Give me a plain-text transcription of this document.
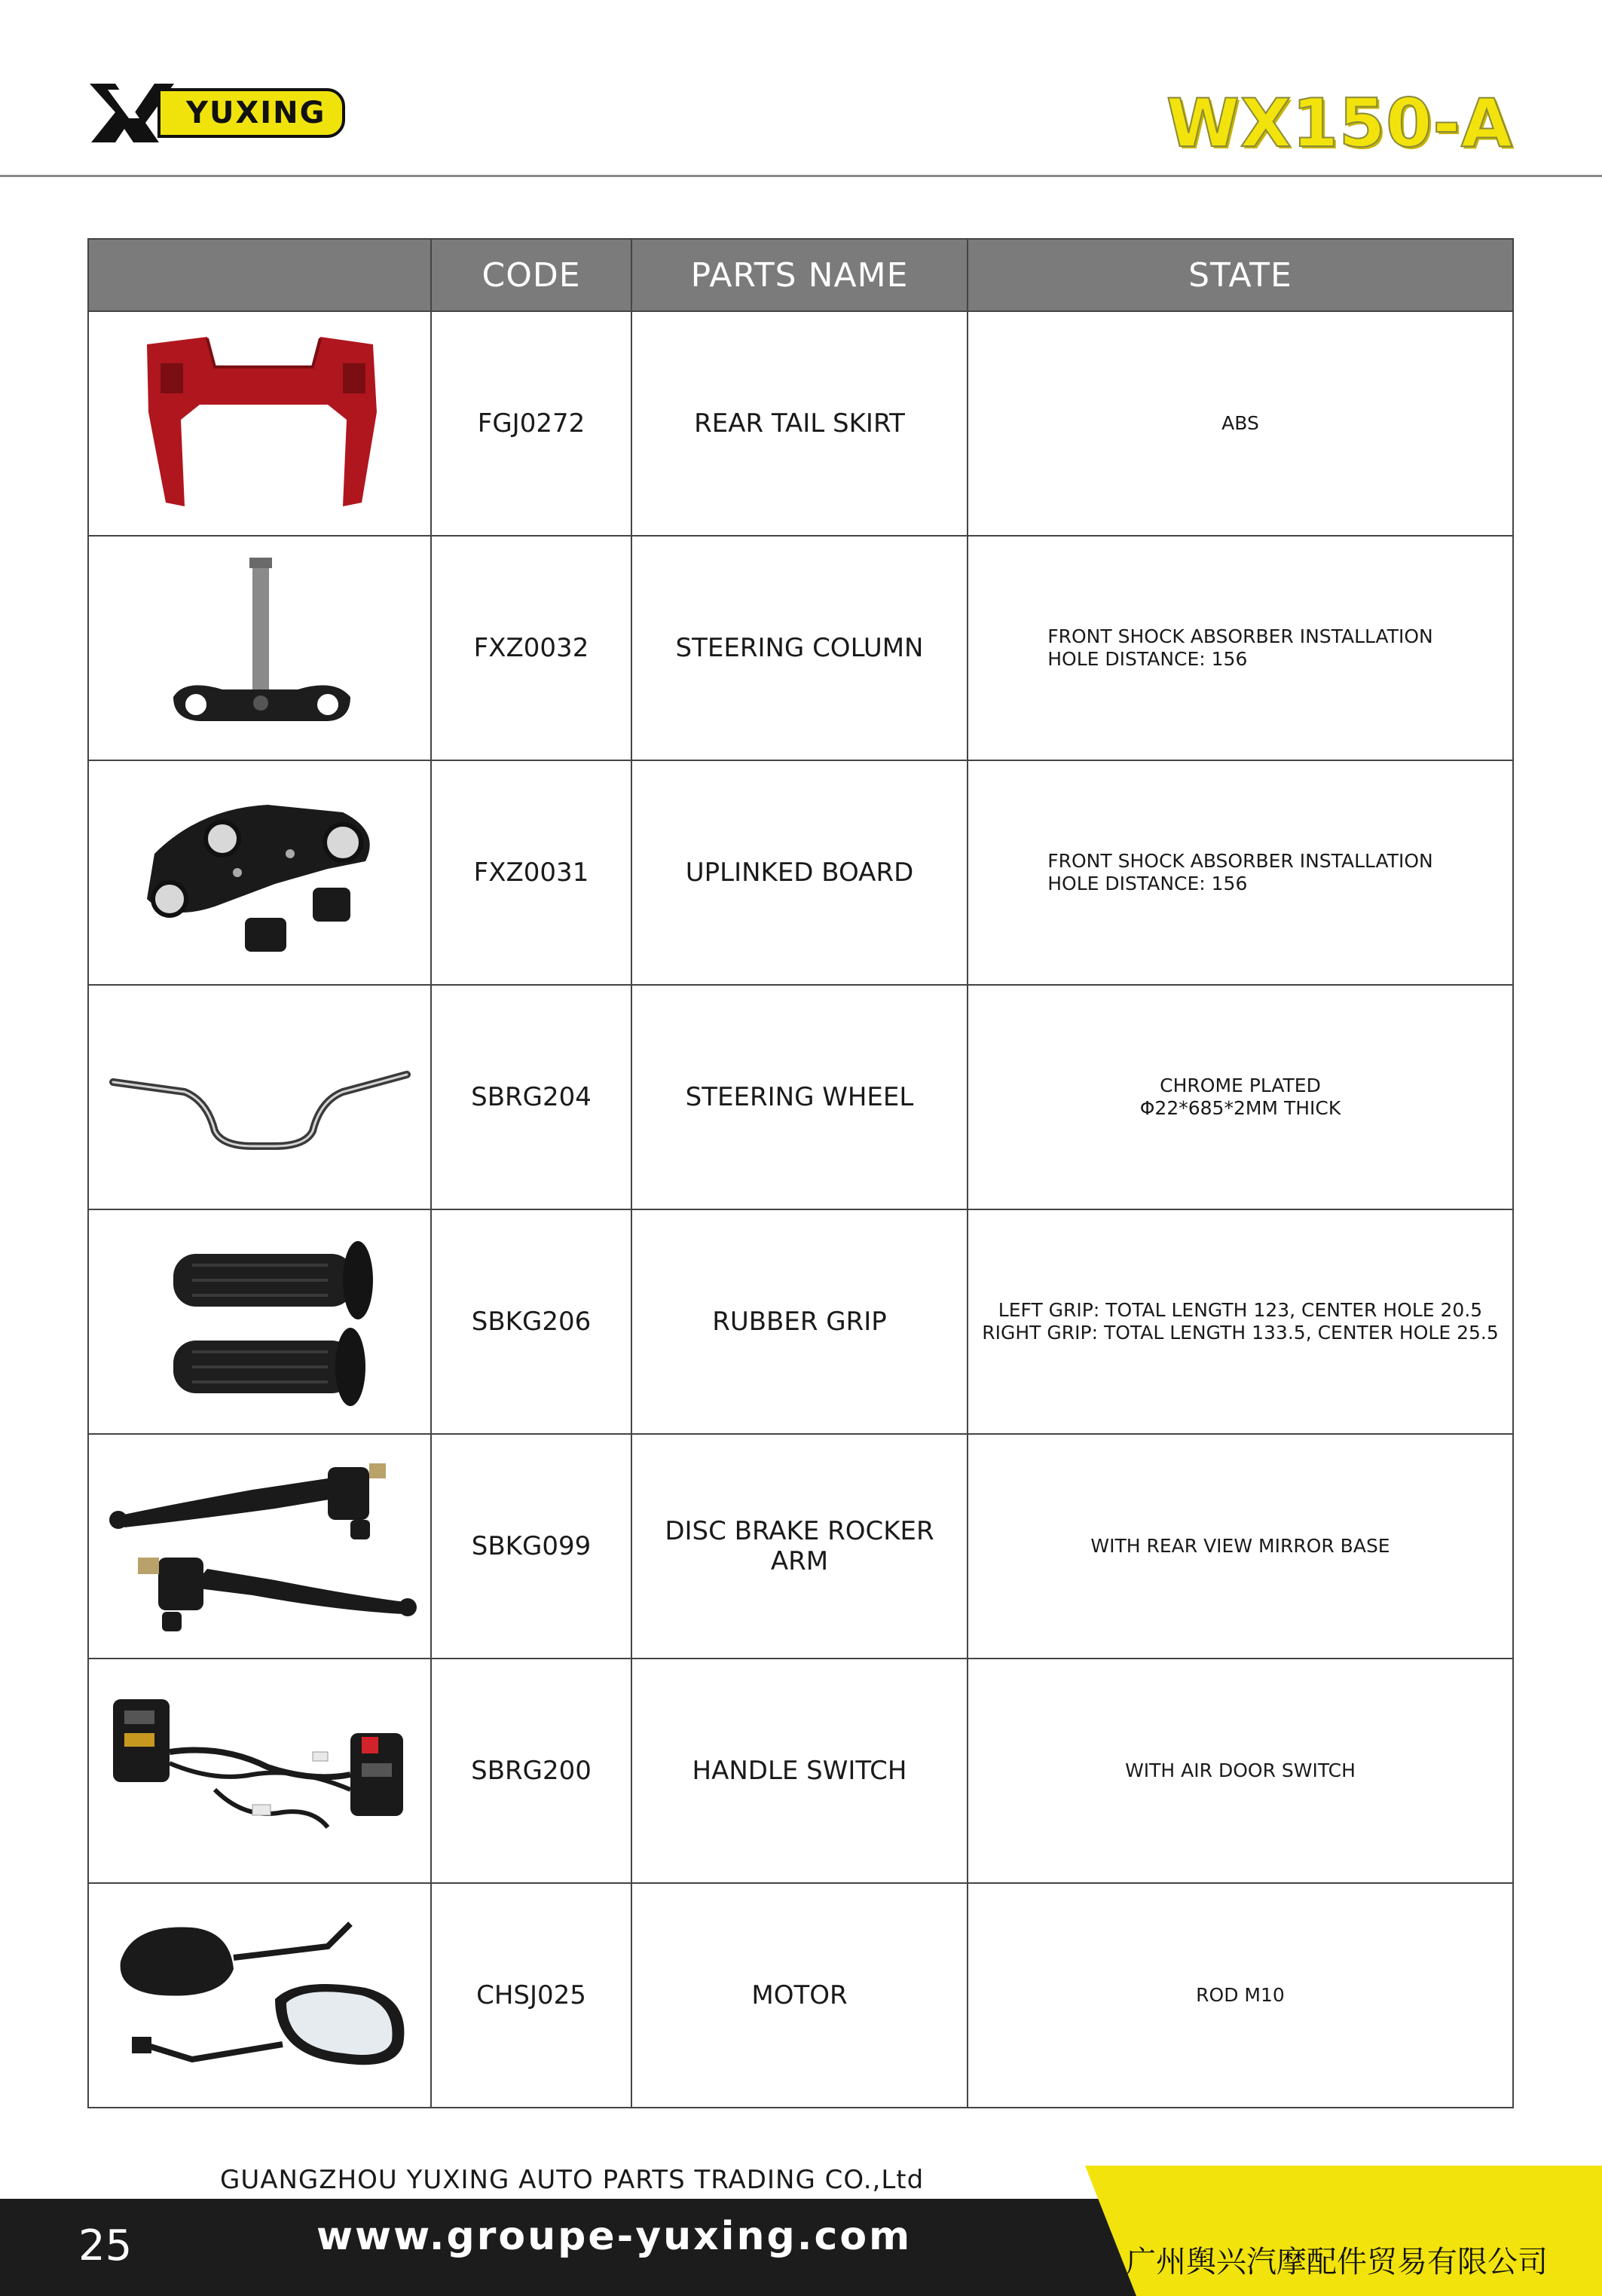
YUXING	WX150-A
	CODE	PARTS NAME	STATE

	FGJ0272	REAR TAIL SKIRT	ABS

	FXZ0032	STEERING COLUMN	FRONT SHOCK ABSORBER INSTALLATION
HOLE DISTANCE: 156

	FXZ0031	UPLINKED BOARD	FRONT SHOCK ABSORBER INSTALLATION
HOLE DISTANCE: 156

	SBRG204	STEERING WHEEL	CHROME PLATED
Φ22*685*2MM THICK

	SBKG206	RUBBER GRIP	LEFT GRIP: TOTAL LENGTH 123, CENTER HOLE 20.5
RIGHT GRIP: TOTAL LENGTH 133.5, CENTER HOLE 25.5

	SBKG099	DISC BRAKE ROCKER ARM	WITH REAR VIEW MIRROR BASE

	SBRG200	HANDLE SWITCH	WITH AIR DOOR SWITCH

	CHSJ025	MOTOR	ROD M10
GUANGZHOU YUXING AUTO PARTS TRADING CO.,Ltd
25	www.groupe-yuxing.com
广州舆兴汽摩配件贸易有限公司
